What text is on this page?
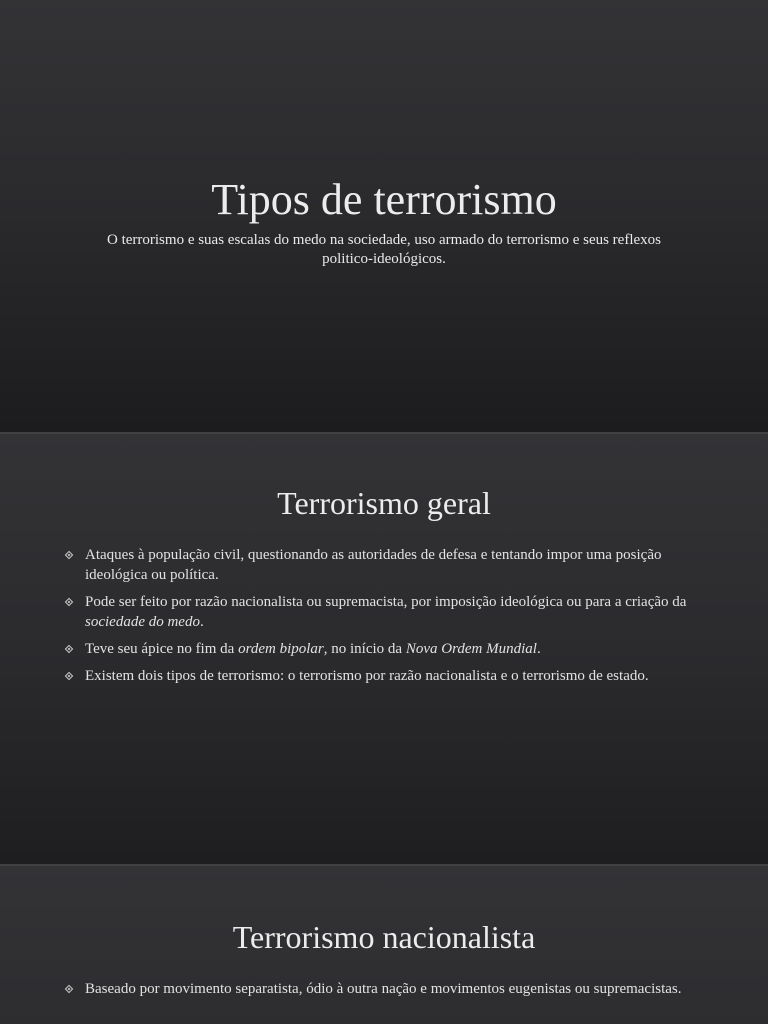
Tipos de terrorismo

O terrorismo e suas escalas do medo na sociedade, uso armado do terrorismo e seus reflexos politico-ideológicos.

Terrorismo geral
Ataques à população civil, questionando as autoridades de defesa e tentando impor uma posição ideológica ou política.
Pode ser feito por razão nacionalista ou supremacista, por imposição ideológica ou para a criação da sociedade do medo.
Teve seu ápice no fim da ordem bipolar, no início da Nova Ordem Mundial.
Existem dois tipos de terrorismo: o terrorismo por razão nacionalista e o terrorismo de estado.
Terrorismo nacionalista
Baseado por movimento separatista, ódio à outra nação e movimentos eugenistas ou supremacistas.
